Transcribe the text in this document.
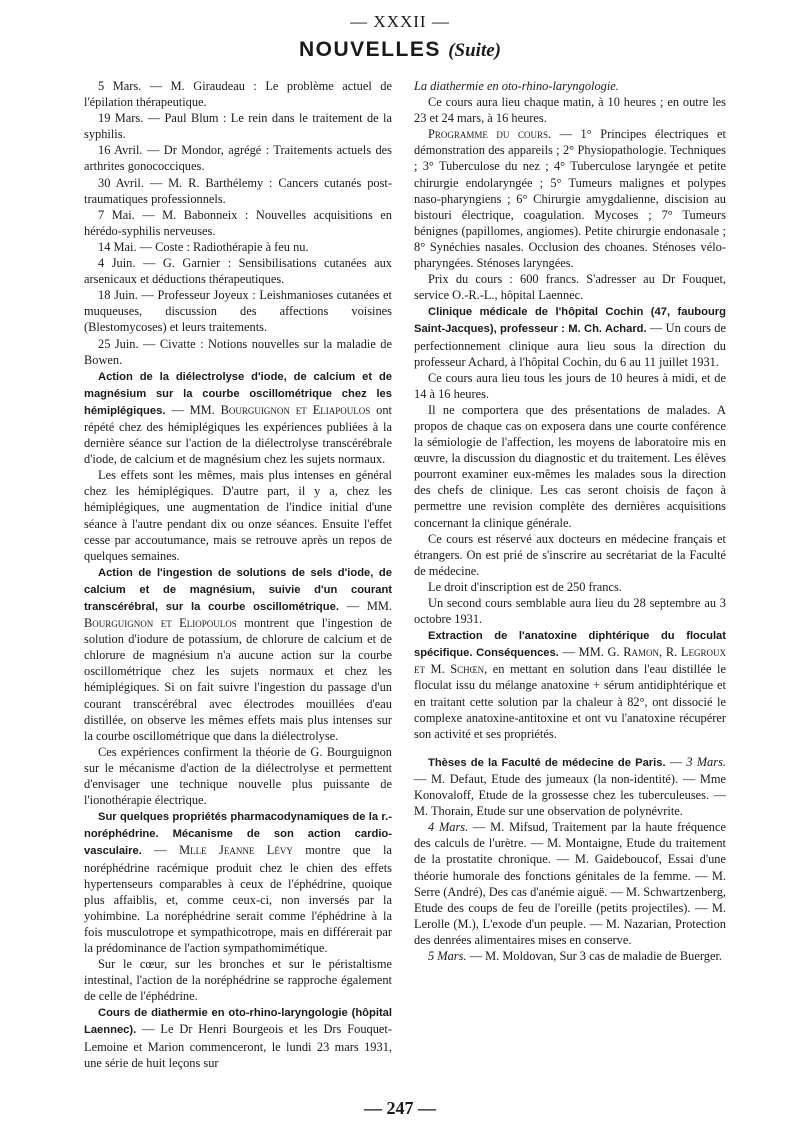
— XXXII —
NOUVELLES (Suite)

5 Mars. — M. Giraudeau : Le problème actuel de l'épilation thérapeutique.

19 Mars. — Paul Blum : Le rein dans le traitement de la syphilis.

16 Avril. — Dr Mondor, agrégé : Traitements actuels des arthrites gonococciques.

30 Avril. — M. R. Barthélemy : Cancers cutanés post-traumatiques professionnels.

7 Mai. — M. Babonneix : Nouvelles acquisitions en hérédo-syphilis nerveuses.

14 Mai. — Coste : Radiothérapie à feu nu.

4 Juin. — G. Garnier : Sensibilisations cutanées aux arsenicaux et déductions thérapeutiques.

18 Juin. — Professeur Joyeux : Leishmanioses cutanées et muqueuses, discussion des affections voisines (Blestomycoses) et leurs traitements.

25 Juin. — Civatte : Notions nouvelles sur la maladie de Bowen.

Action de la diélectrolyse d'iode, de calcium et de magnésium sur la courbe oscillométrique chez les hémiplégiques. — MM. Bourguignon et Eliapoulos ont répété chez des hémiplégiques les expériences publiées à la dernière séance sur l'action de la diélectrolyse transcérébrale d'iode, de calcium et de magnésium chez les sujets normaux.

Les effets sont les mêmes, mais plus intenses en général chez les hémiplégiques. D'autre part, il y a, chez les hémiplégiques, une augmentation de l'indice initial d'une séance à l'autre pendant dix ou onze séances. Ensuite l'effet cesse par accoutumance, mais se retrouve après un repos de quelques semaines.

Action de l'ingestion de solutions de sels d'iode, de calcium et de magnésium, suivie d'un courant transcérébral, sur la courbe oscillométrique. — MM. Bourguignon et Eliopoulos montrent que l'ingestion de solution d'iodure de potassium, de chlorure de calcium et de chlorure de magnésium n'a aucune action sur la courbe oscillométrique chez les sujets normaux et chez les hémiplégiques. Si on fait suivre l'ingestion du passage d'un courant transcérébral avec électrodes mouillées d'eau distillée, on observe les mêmes effets mais plus intenses sur la courbe oscillométrique que dans la diélectrolyse.

Ces expériences confirment la théorie de G. Bourguignon sur le mécanisme d'action de la diélectrolyse et permettent d'envisager une technique nouvelle plus puissante de l'ionothérapie électrique.

Sur quelques propriétés pharmacodynamiques de la r.-noréphédrine. Mécanisme de son action cardio-vasculaire. — Mlle Jeanne Lévy montre que la noréphédrine racémique produit chez le chien des effets hypertenseurs comparables à ceux de l'éphédrine, quoique plus affaiblis, et, comme ceux-ci, non inversés par la yohimbine. La noréphédrine serait comme l'éphédrine à la fois musculotrope et sympathicotrope, mais en différerait par la prédominance de l'action sympathomimétique.

Sur le cœur, sur les bronches et sur le péristaltisme intestinal, l'action de la noréphédrine se rapproche également de celle de l'éphédrine.

Cours de diathermie en oto-rhino-laryngologie (hôpital Laennec). — Le Dr Henri Bourgeois et les Drs Fouquet-Lemoine et Marion commenceront, le lundi 23 mars 1931, une série de huit leçons sur

La diathermie en oto-rhino-laryngologie.

Ce cours aura lieu chaque matin, à 10 heures ; en outre les 23 et 24 mars, à 16 heures.

Programme du cours. — 1° Principes électriques et démonstration des appareils ; 2° Physiopathologie. Techniques ; 3° Tuberculose du nez ; 4° Tuberculose laryngée et petite chirurgie endolaryngée ; 5° Tumeurs malignes et polypes naso-pharyngiens ; 6° Chirurgie amygdalienne, discision au bistouri électrique, coagulation. Mycoses ; 7° Tumeurs bénignes (papillomes, angiomes). Petite chirurgie endonasale ; 8° Synéchies nasales. Occlusion des choanes. Sténoses vélo-pharyngées. Sténoses laryngées.

Prix du cours : 600 francs. S'adresser au Dr Fouquet, service O.-R.-L., hôpital Laennec.

Clinique médicale de l'hôpital Cochin (47, faubourg Saint-Jacques), professeur : M. Ch. Achard. — Un cours de perfectionnement clinique aura lieu sous la direction du professeur Achard, à l'hôpital Cochin, du 6 au 11 juillet 1931.

Ce cours aura lieu tous les jours de 10 heures à midi, et de 14 à 16 heures.

Il ne comportera que des présentations de malades. A propos de chaque cas on exposera dans une courte conférence la sémiologie de l'affection, les moyens de laboratoire mis en œuvre, la discussion du diagnostic et du traitement. Les élèves pourront examiner eux-mêmes les malades sous la direction des chefs de clinique. Les cas seront choisis de façon à permettre une revision complète des dernières acquisitions concernant la clinique générale.

Ce cours est réservé aux docteurs en médecine français et étrangers. On est prié de s'inscrire au secrétariat de la Faculté de médecine.

Le droit d'inscription est de 250 francs.

Un second cours semblable aura lieu du 28 septembre au 3 octobre 1931.

Extraction de l'anatoxine diphtérique du floculat spécifique. Conséquences. — MM. G. Ramon, R. Legroux et M. Schœn, en mettant en solution dans l'eau distillée le floculat issu du mélange anatoxine + sérum antidiphtérique et en traitant cette solution par la chaleur à 82°, ont dissocié le complexe anatoxine-antitoxine et ont vu l'anatoxine récupérer son activité et ses propriétés.

Thèses de la Faculté de médecine de Paris. — 3 Mars. — M. Defaut, Etude des jumeaux (la non-identité). — Mme Konovaloff, Etude de la grossesse chez les tuberculeuses. — M. Thorain, Etude sur une observation de polynévrite.

4 Mars. — M. Mifsud, Traitement par la haute fréquence des calculs de l'urètre. — M. Montaigne, Etude du traitement de la prostatite chronique. — M. Gaideboucof, Essai d'une théorie humorale des fonctions génitales de la femme. — M. Serre (André), Des cas d'anémie aiguë. — M. Schwartzenberg, Etude des coups de feu de l'oreille (petits projectiles). — M. Lerolle (M.), L'exode d'un peuple. — M. Nazarian, Protection des denrées alimentaires mises en conserve.

5 Mars. — M. Moldovan, Sur 3 cas de maladie de Buerger.

— 247 —
